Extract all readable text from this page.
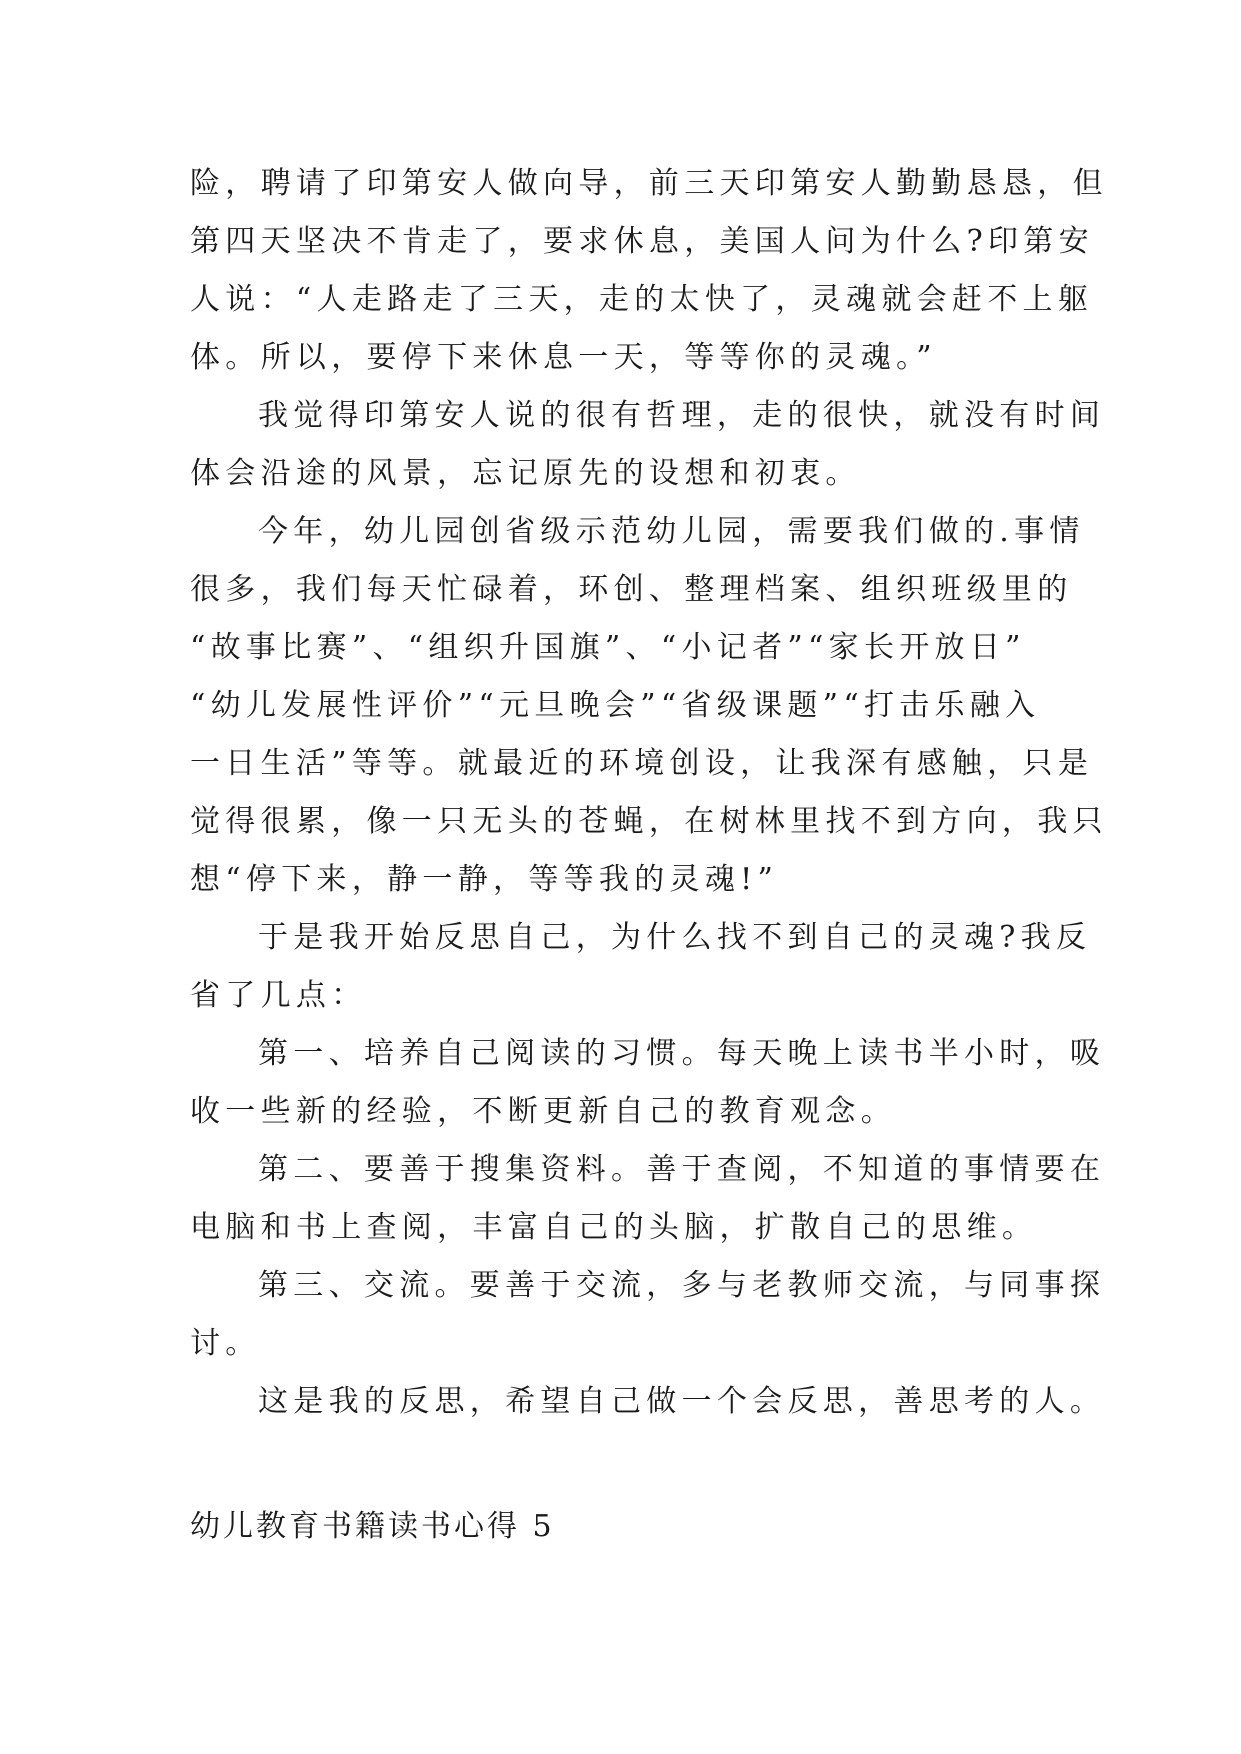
险，聘请了印第安人做向导，前三天印第安人勤勤恳恳，但
第四天坚决不肯走了，要求休息，美国人问为什么?印第安
人说：“人走路走了三天，走的太快了，灵魂就会赶不上躯
体。所以，要停下来休息一天，等等你的灵魂。”
我觉得印第安人说的很有哲理，走的很快，就没有时间
体会沿途的风景，忘记原先的设想和初衷。
今年，幼儿园创省级示范幼儿园，需要我们做的.事情
很多，我们每天忙碌着，环创、整理档案、组织班级里的
“故事比赛”、“组织升国旗”、“小记者”“家长开放日”
“幼儿发展性评价”“元旦晚会”“省级课题”“打击乐融入
一日生活”等等。就最近的环境创设，让我深有感触，只是
觉得很累，像一只无头的苍蝇，在树林里找不到方向，我只
想“停下来，静一静，等等我的灵魂!”
于是我开始反思自己，为什么找不到自己的灵魂?我反
省了几点：
第一、培养自己阅读的习惯。每天晚上读书半小时，吸
收一些新的经验，不断更新自己的教育观念。
第二、要善于搜集资料。善于查阅，不知道的事情要在
电脑和书上查阅，丰富自己的头脑，扩散自己的思维。
第三、交流。要善于交流，多与老教师交流，与同事探
讨。
这是我的反思，希望自己做一个会反思，善思考的人。
幼儿教育书籍读书心得 5
